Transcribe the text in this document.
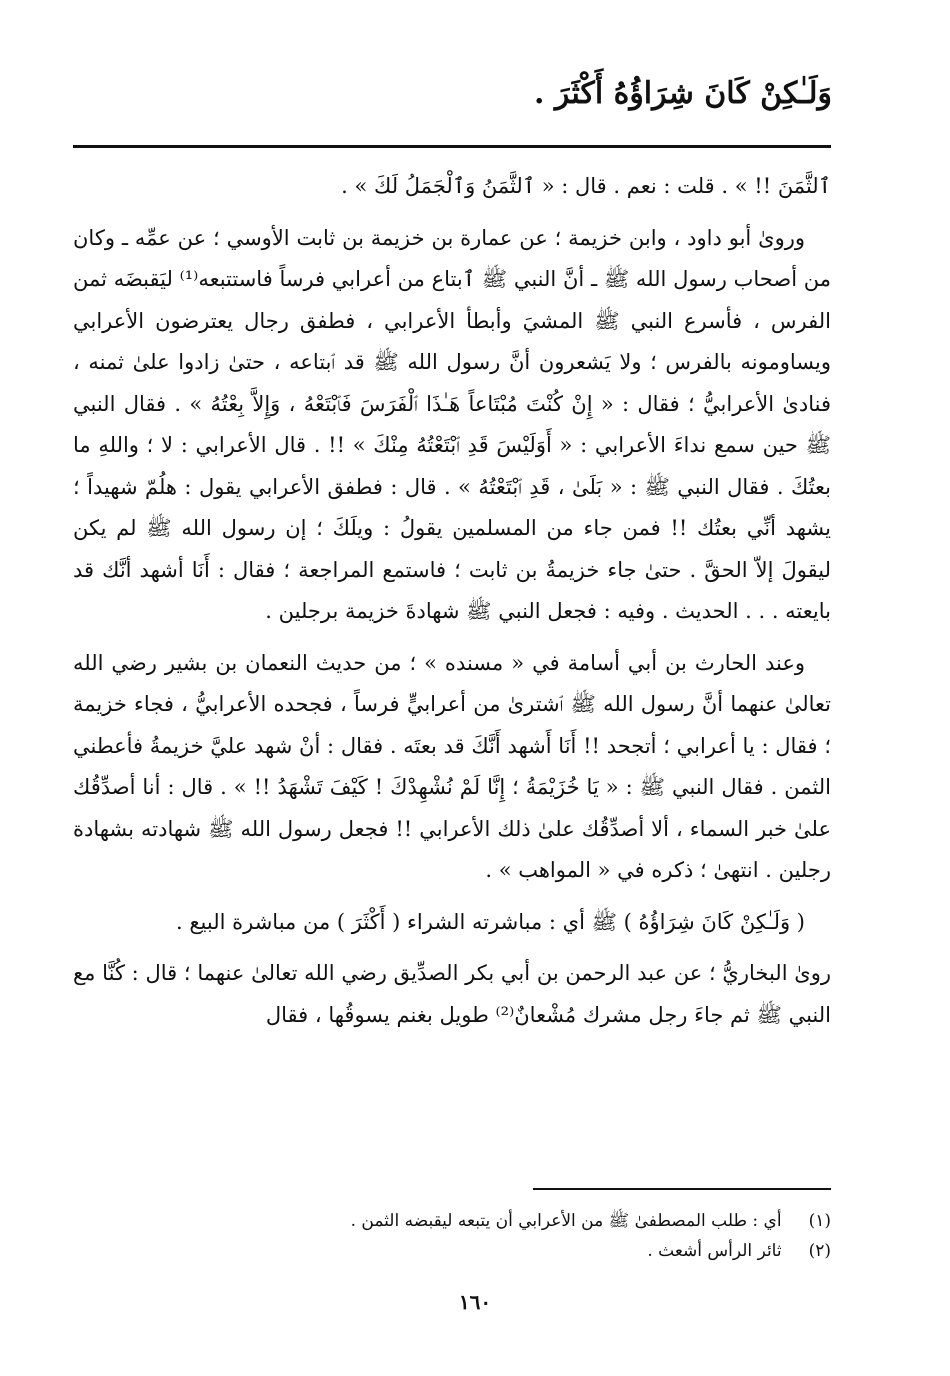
وَلَـٰكِنْ كَانَ شِرَاؤُهُ أَكْثَرَ .

ٱلثَّمَنَ !! » . قلت : نعم . قال : « ٱلثَّمَنُ وَٱلْجَمَلُ لَكَ » .

وروىٰ أبو داود ، وابن خزيمة ؛ عن عمارة بن خزيمة بن ثابت الأوسي ؛ عن عمِّه ـ وكان من أصحاب رسول الله ﷺ ـ أنَّ النبي ﷺ ٱبتاع من أعرابي فرساً فاستتبعه⁽¹⁾ ليَقبضَه ثمن الفرس ، فأسرع النبي ﷺ المشيَ وأبطأ الأعرابي ، فطفق رجال يعترضون الأعرابي ويساومونه بالفرس ؛ ولا يَشعرون أنَّ رسول الله ﷺ قد ٱبتاعه ، حتىٰ زادوا علىٰ ثمنه ، فنادىٰ الأعرابيُّ ؛ فقال : « إِنْ كُنْتَ مُبْتَاعاً هَـٰذَا ٱلْفَرَسَ فَٱبْتَعْهُ ، وَإِلاَّ بِعْتُهُ » . فقال النبي ﷺ حين سمع نداءَ الأعرابي : « أَوَلَيْسَ قَدِ ٱبْتَعْتُهُ مِنْكَ » !! . قال الأعرابي : لا ؛ واللهِ ما بعتُكَ . فقال النبي ﷺ : « بَلَىٰ ، قَدِ ٱبْتَعْتُهُ » . قال : فطفق الأعرابي يقول : هلُمّ شهيداً ؛ يشهد أنِّي بعتُك !! فمن جاء من المسلمين يقولُ : ويلَكَ ؛ إن رسول الله ﷺ لم يكن ليقولَ إلاّ الحقَّ . حتىٰ جاء خزيمةُ بن ثابت ؛ فاستمع المراجعة ؛ فقال : أَنَا أشهد أنَّك قد بايعته . . . الحديث . وفيه : فجعل النبي ﷺ شهادةَ خزيمة برجلين .

وعند الحارث بن أبي أسامة في « مسنده » ؛ من حديث النعمان بن بشير رضي الله تعالىٰ عنهما أنَّ رسول الله ﷺ ٱشترىٰ من أعرابيٍّ فرساً ، فجحده الأعرابيُّ ، فجاء خزيمة ؛ فقال : يا أعرابي ؛ أتجحد !! أَنَا أَشهد أَنَّكَ قد بعتَه . فقال : أنْ شهد عليَّ خزيمةُ فأعطني الثمن . فقال النبي ﷺ : « يَا خُزَيْمَةُ ؛ إِنَّا لَمْ نُشْهِدْكَ ! كَيْفَ تَشْهَدُ !! » . قال : أنا أصدِّقُك علىٰ خبر السماء ، ألا أصدِّقُك علىٰ ذلك الأعرابي !! فجعل رسول الله ﷺ شهادته بشهادة رجلين . انتهىٰ ؛ ذكره في « المواهب » .

( وَلَـٰكِنْ كَانَ شِرَاؤُهُ ) ﷺ أي : مباشرته الشراء ( أَكْثَرَ ) من مباشرة البيع .

روىٰ البخاريُّ ؛ عن عبد الرحمن بن أبي بكر الصدِّيق رضي الله تعالىٰ عنهما ؛ قال : كُنَّا مع النبي ﷺ ثم جاءَ رجل مشرك مُشْعانٌ⁽²⁾ طويل بغنم يسوقُها ، فقال

(١) أي : طلب المصطفىٰ ﷺ من الأعرابي أن يتبعه ليقبضه الثمن .

(٢) ثائر الرأس أشعث .

١٦٠
